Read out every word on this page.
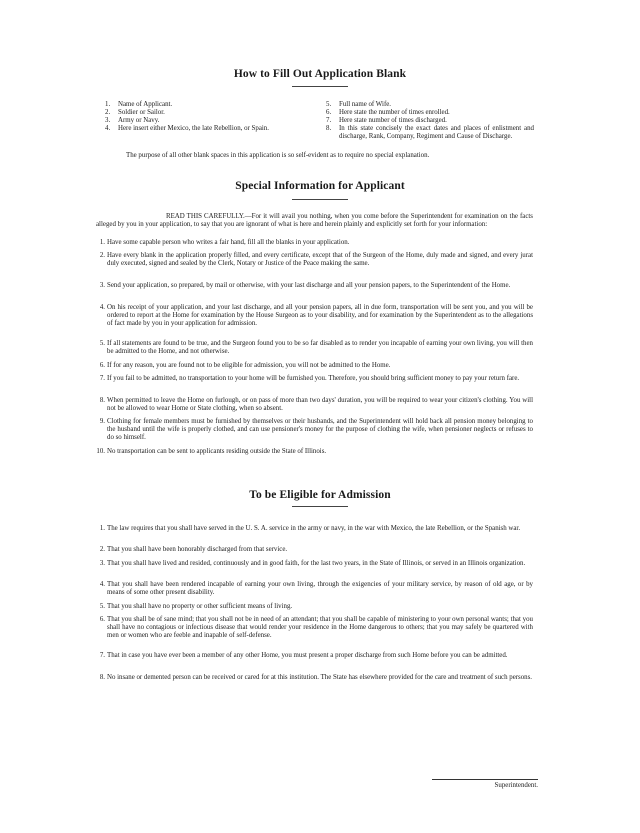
How to Fill Out Application Blank
1. Name of Applicant.
2. Soldier or Sailor.
3. Army or Navy.
4. Here insert either Mexico, the late Rebellion, or Spain.
5. Full name of Wife.
6. Here state the number of times enrolled.
7. Here state number of times discharged.
8. In this state concisely the exact dates and places of enlistment and discharge, Rank, Company, Regiment and Cause of Discharge.
The purpose of all other blank spaces in this application is so self-evident as to require no special explanation.
Special Information for Applicant
READ THIS CAREFULLY.—For it will avail you nothing, when you come before the Superintendent for examination on the facts alleged by you in your application, to say that you are ignorant of what is here and herein plainly and explicitly set forth for your information:
1. Have some capable person who writes a fair hand, fill all the blanks in your application.
2. Have every blank in the application properly filled, and every certificate, except that of the Surgeon of the Home, duly made and signed, and every jurat duly executed, signed and sealed by the Clerk, Notary or Justice of the Peace making the same.
3. Send your application, so prepared, by mail or otherwise, with your last discharge and all your pension papers, to the Superintendent of the Home.
4. On his receipt of your application, and your last discharge, and all your pension papers, all in due form, transportation will be sent you, and you will be ordered to report at the Home for examination by the House Surgeon as to your disability, and for examination by the Superintendent as to the allegations of fact made by you in your application for admission.
5. If all statements are found to be true, and the Surgeon found you to be so far disabled as to render you incapable of earning your own living, you will then be admitted to the Home, and not otherwise.
6. If for any reason, you are found not to be eligible for admission, you will not be admitted to the Home.
7. If you fail to be admitted, no transportation to your home will be furnished you. Therefore, you should bring sufficient money to pay your return fare.
8. When permitted to leave the Home on furlough, or on pass of more than two days' duration, you will be required to wear your citizen's clothing. You will not be allowed to wear Home or State clothing, when so absent.
9. Clothing for female members must be furnished by themselves or their husbands, and the Superintendent will hold back all pension money belonging to the husband until the wife is properly clothed, and can use pensioner's money for the purpose of clothing the wife, when pensioner neglects or refuses to do so himself.
10. No transportation can be sent to applicants residing outside the State of Illinois.
To be Eligible for Admission
1. The law requires that you shall have served in the U. S. A. service in the army or navy, in the war with Mexico, the late Rebellion, or the Spanish war.
2. That you shall have been honorably discharged from that service.
3. That you shall have lived and resided, continuously and in good faith, for the last two years, in the State of Illinois, or served in an Illinois organization.
4. That you shall have been rendered incapable of earning your own living, through the exigencies of your military service, by reason of old age, or by means of some other present disability.
5. That you shall have no property or other sufficient means of living.
6. That you shall be of sane mind; that you shall not be in need of an attendant; that you shall be capable of ministering to your own personal wants; that you shall have no contagious or infectious disease that would render your residence in the Home dangerous to others; that you may safely be quartered with men or women who are feeble and inapable of self-defense.
7. That in case you have ever been a member of any other Home, you must present a proper discharge from such Home before you can be admitted.
8. No insane or demented person can be received or cared for at this institution. The State has elsewhere provided for the care and treatment of such persons.
Superintendent.
